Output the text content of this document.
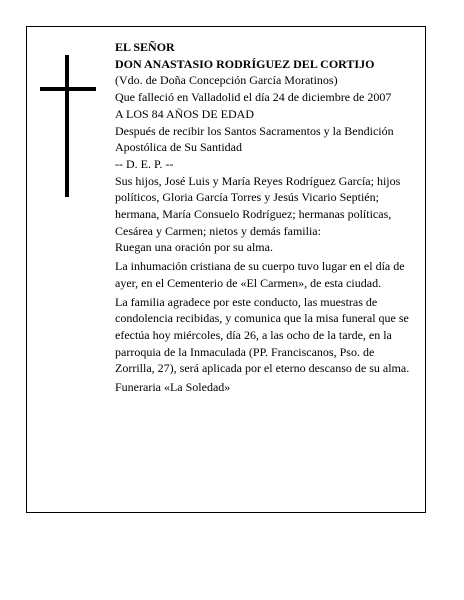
EL SEÑOR

DON ANASTASIO RODRÍGUEZ DEL CORTIJO

(Vdo. de Doña Concepción García Moratinos)

Que falleció en Valladolid el día 24 de diciembre de 2007

A LOS 84 AÑOS DE EDAD

Después de recibir los Santos Sacramentos y la Bendición Apostólica de Su Santidad

-- D. E. P. --

Sus hijos, José Luis y María Reyes Rodríguez García; hijos políticos, Gloria García Torres y Jesús Vicario Septién; hermana, María Consuelo Rodríguez; hermanas políticas, Cesárea y Carmen; nietos y demás familia:

Ruegan una oración por su alma.

La inhumación cristiana de su cuerpo tuvo lugar en el día de ayer, en el Cementerio de «El Carmen», de esta ciudad.

La familia agradece por este conducto, las muestras de condolencia recibidas, y comunica que la misa funeral que se efectúa hoy miércoles, día 26, a las ocho de la tarde, en la parroquia de la Inmaculada (PP. Franciscanos, Pso. de Zorrilla, 27), será aplicada por el eterno descanso de su alma.

Funeraria «La Soledad»
